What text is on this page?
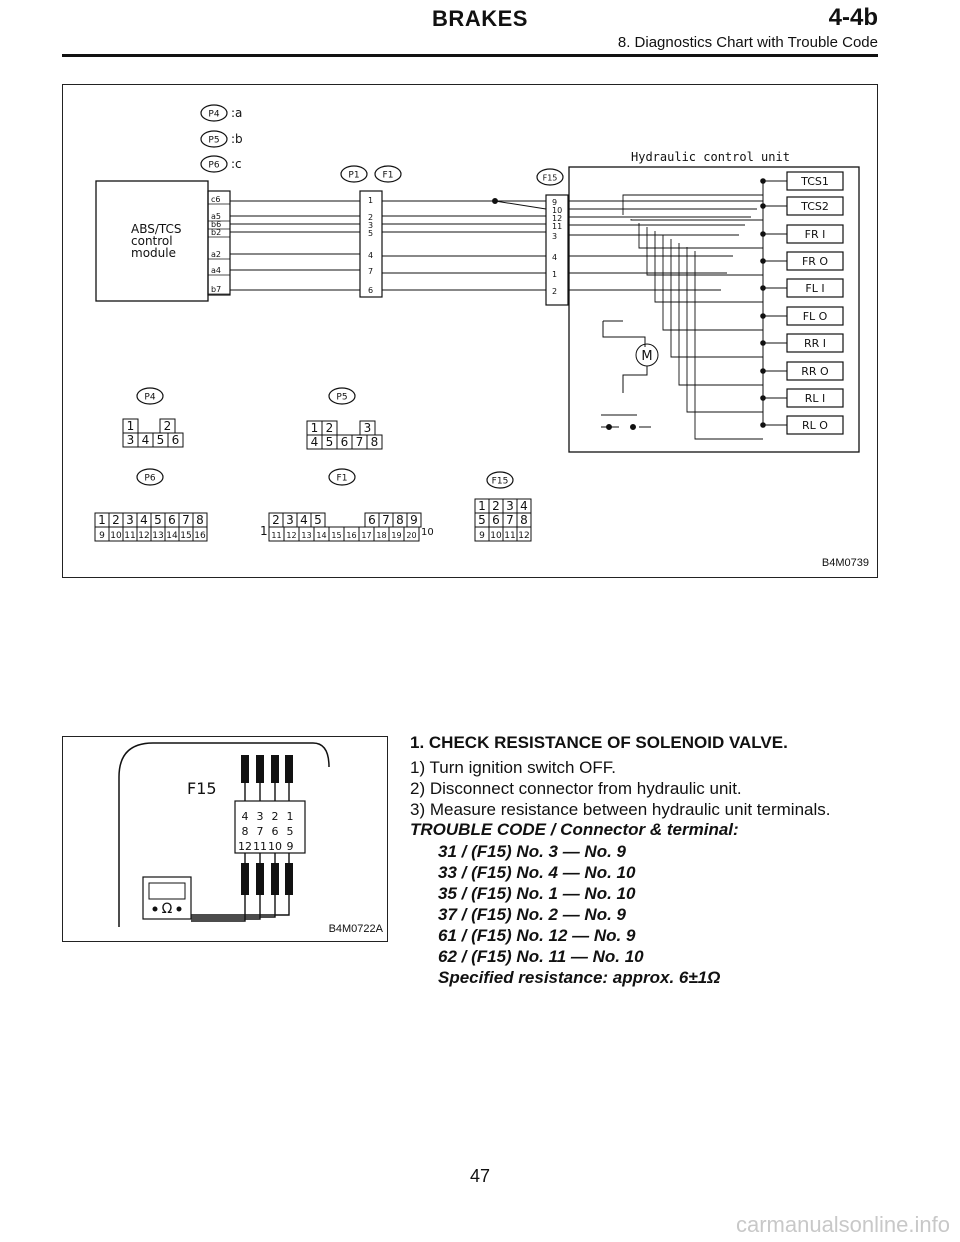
BRAKES	4-4b
8. Diagnostics Chart with Trouble Code
P4 :a
P5 :b
P6 :c
ABS/TCS
control
module
c6
a5
b6
b2
a2
a4
b7
P1	F1
1
2
3
5
4
7
6
F15
9
10
12
11
3
4
1
2
Hydraulic control unit
TCS1
TCS2
FR I
FR O
FL I
FL O
RR I
RR O
RL I
RL O
M
P4
1 2
3 4 5 6
P5
1 2	3
4 5 6 7 8
P6
1 2 3 4 5 6 7 8
9 10 11 12 13 14 15 16
F1
1
2 3 4 5	6 7 8 9
11 12 13 14 15 16 17 18 19 20 10
F15
1 2 3 4
5 6 7 8
9 10 11 12
B4M0739
F15
4 3 2 1
8 7 6 5
12 11 10 9
Ω
B4M0722A
1. CHECK RESISTANCE OF SOLENOID VALVE.
1) Turn ignition switch OFF.
2) Disconnect connector from hydraulic unit.
3) Measure resistance between hydraulic unit terminals.
TROUBLE CODE / Connector & terminal:
31 / (F15) No. 3 — No. 9
33 / (F15) No. 4 — No. 10
35 / (F15) No. 1 — No. 10
37 / (F15) No. 2 — No. 9
61 / (F15) No. 12 — No. 9
62 / (F15) No. 11 — No. 10
Specified resistance: approx. 6±1Ω
47
carmanualsonline.info
